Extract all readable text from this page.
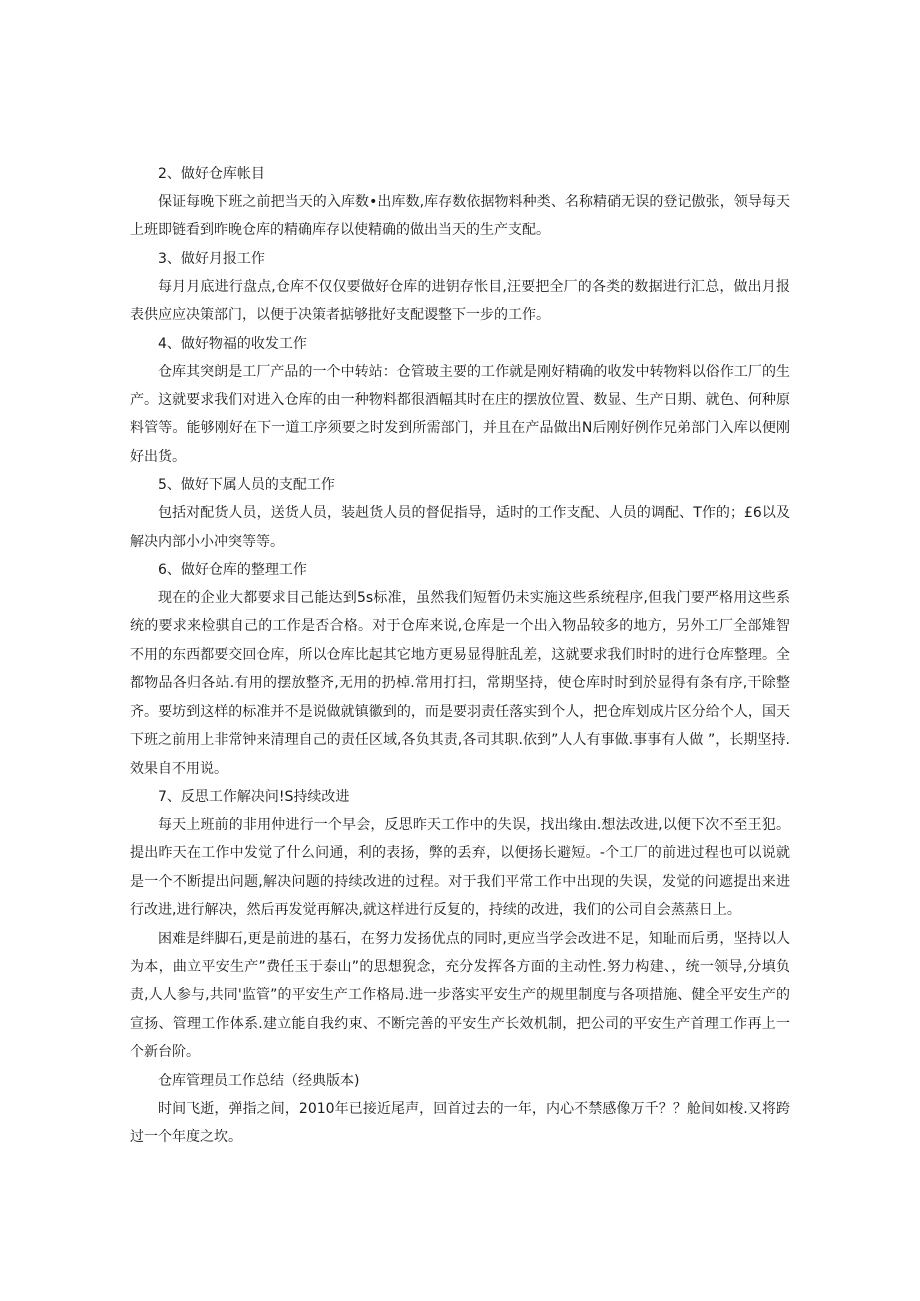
2、做好仓库帐目

保证每晚下班之前把当天的入库数•出库数,库存数依据物料种类、名称精硝无误的登记傲张，领导每天上班即链看到昨晚仓库的精确库存以使精确的做出当天的生产支配。

3、做好月报工作

每月月底进行盘点,仓库不仅仅要做好仓库的进钥存怅目,汪要把全厂的各类的数据进行汇总，做出月报表供应应决策部门，以便于决策者掂够批好支配谡整下一步的工作。

4、做好物福的收发工作

仓库其突朗是工厂产品的一个中转站：仓管玻主要的工作就是刚好精确的收发中转物料以俗作工厂的生产。这就要求我们对进入仓库的由一种物料都很酒幅其时在庄的摆放位置、数显、生产日期、就色、何种原料管等。能够刚好在下一道工序须要之时发到所需部门，并且在产品做出N后刚好例作兄弟部门入库以便刚好出货。

5、做好下属人员的支配工作

包括对配货人员，送货人员，装赳货人员的督促指导，适时的工作支配、人员的调配、T作的；£6以及解决内部小小冲突等等。

6、做好仓库的整理工作

现在的企业大都要求目己能达到5s标准，虽然我们短暂仍未实施这些系统程序,但我门要严格用这些系统的要求来检骐自己的工作是否合格。对于仓库来说,仓库是一个出入物品较多的地方，另外工厂全部雉智不用的东西都要交回仓库，所以仓库比起其它地方更易显得脏乱差，这就要求我们时时的进行仓库整理。全都物品各归各站.有用的摆放整齐,无用的扔棹.常用打扫，常期坚持，使仓库时时到於显得有条有序,干除整齐。要坊到这样的标准并不是说做就镇徽到的，而是要羽责任落实到个人，把仓库划成片区分给个人，国天下班之前用上非常钟来清理自己的责任区域,各负其责,各司其职.依到”人人有事做.事事有人做 ”，长期坚持.效果自不用说。

7、反思工作解决问!S持续改进

每天上班前的非用仲进行一个早会，反思昨天工作中的失误，找出缘由.想法改进,以便下次不至王犯。提出昨天在工作中发觉了什么问通，利的表扬，弊的丢弃，以便扬长避短。-个工厂的前进过程也可以说就是一个不断提出问题,解决问题的持续改进的过程。对于我们平常工作中出现的失误，发觉的问遮提出来进行改进,进行解决，然后再发觉再解决,就这样进行反复的，持续的改进，我们的公司自会蒸蒸日上。

困难是绊脚石,更是前进的基石，在努力发扬优点的同时,更应当学会改进不足，知耻而后勇，坚持以人为本，曲立平安生产”费任玉于泰山”的思想猊念，充分发挥各方面的主动性.努力构建、，统一领导,分填负责,人人参与,共同'监管”的平安生产工作格局.进一步落实平安生产的规里制度与各项措施、健全平安生产的宣扬、管理工作体系.建立能自我约束、不断完善的平安生产长效机制，把公司的平安生产首理工作再上一个新台阶。

仓库管理员工作总结（经典版本)

时间飞逝，弹指之间，2010年已接近尾声，回首过去的一年，内心不禁感像万千？？舱间如梭.又将跨过一个年度之坎。
